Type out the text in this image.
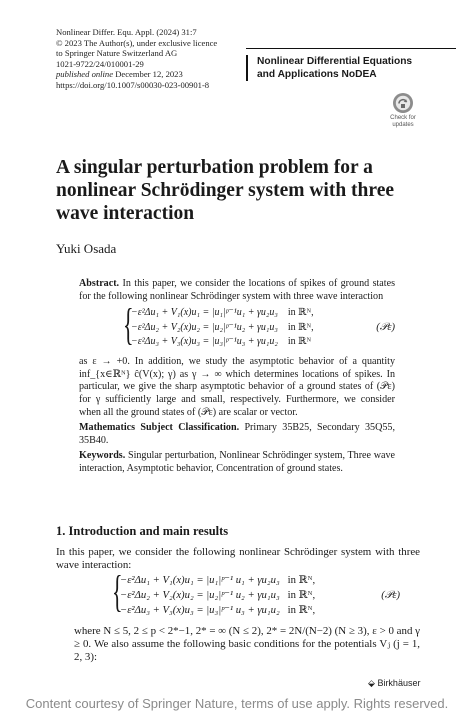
Nonlinear Differ. Equ. Appl. (2024) 31:7
© 2023 The Author(s), under exclusive licence
to Springer Nature Switzerland AG
1021-9722/24/010001-29
published online December 12, 2023
https://doi.org/10.1007/s00030-023-00901-8
Nonlinear Differential Equations
and Applications NoDEA
Check for
updates
A singular perturbation problem for a nonlinear Schrödinger system with three wave interaction
Yuki Osada
Abstract. In this paper, we consider the locations of spikes of ground states for the following nonlinear Schrödinger system with three wave interaction
{
−ε²Δu₁ + V₁(x)u₁ = |u₁|ᵖ⁻¹u₁ + γu₂u₃ in ℝᴺ,
−ε²Δu₂ + V₂(x)u₂ = |u₂|ᵖ⁻¹u₂ + γu₁u₃ in ℝᴺ,
−ε²Δu₃ + V₃(x)u₃ = |u₃|ᵖ⁻¹u₃ + γu₁u₂ in ℝᴺ
(𝒫ε)
as ε → +0. In addition, we study the asymptotic behavior of a quantity inf_{x∈ℝᴺ} ĉ(V(x); γ) as γ → ∞ which determines locations of spikes. In particular, we give the sharp asymptotic behavior of a ground states of (𝒫ε) for γ sufficiently large and small, respectively. Furthermore, we consider when all the ground states of (𝒫ε) are scalar or vector.
Mathematics Subject Classification. Primary 35B25, Secondary 35Q55, 35B40.
Keywords. Singular perturbation, Nonlinear Schrödinger system, Three wave interaction, Asymptotic behavior, Concentration of ground states.
1. Introduction and main results
In this paper, we consider the following nonlinear Schrödinger system with three wave interaction:
{
−ε²Δu₁ + V₁(x)u₁ = |u₁|ᵖ⁻¹ u₁ + γu₂u₃ in ℝᴺ,
−ε²Δu₂ + V₂(x)u₂ = |u₂|ᵖ⁻¹ u₂ + γu₁u₃ in ℝᴺ,
−ε²Δu₃ + V₃(x)u₃ = |u₃|ᵖ⁻¹ u₃ + γu₁u₂ in ℝᴺ,
(𝒫ε)
where N ≤ 5, 2 ≤ p < 2*−1, 2* = ∞ (N ≤ 2), 2* = 2N/(N−2) (N ≥ 3), ε > 0 and γ ≥ 0. We also assume the following basic conditions for the potentials Vⱼ (j = 1, 2, 3):
⬙ Birkhäuser
Content courtesy of Springer Nature, terms of use apply. Rights reserved.
